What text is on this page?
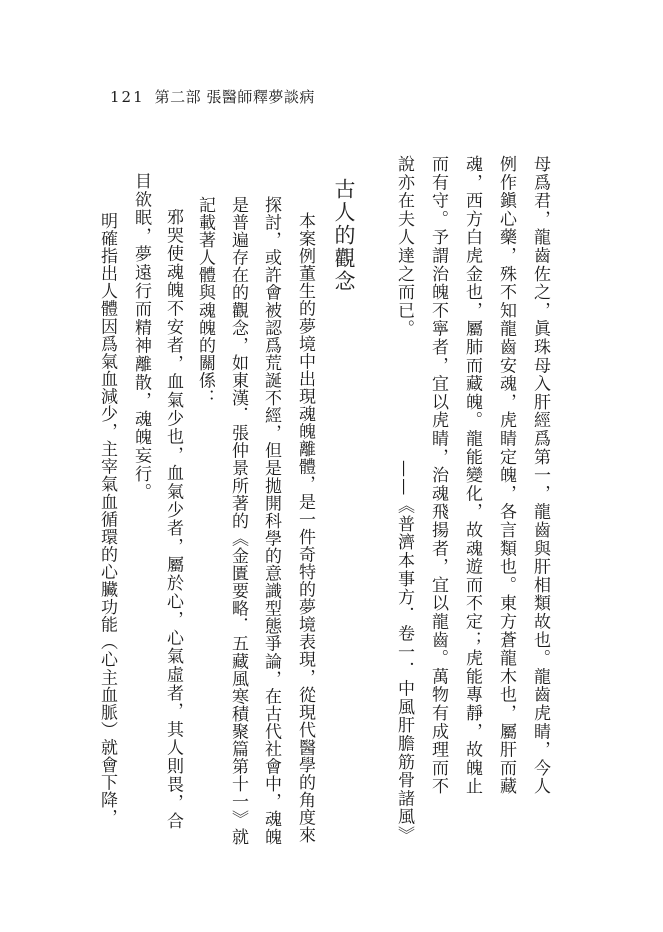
121 第二部 張醫師釋夢談病
母爲君，龍齒佐之，眞珠母入肝經爲第一，龍齒與肝相類故也。龍齒虎睛，今人
例作鎭心藥，殊不知龍齒安魂，虎睛定魄，各言類也。東方蒼龍木也，屬肝而藏
魂，西方白虎金也，屬肺而藏魄。龍能變化，故魂遊而不定；虎能專靜，故魄止
而有守。予謂治魄不寧者，宜以虎睛，治魂飛揚者，宜以龍齒。萬物有成理而不
說亦在夫人達之而已。
——《普濟本事方．卷一．中風肝膽筋骨諸風》
古人的觀念
本案例董生的夢境中出現魂魄離體，是一件奇特的夢境表現，從現代醫學的角度來
探討，或許會被認爲荒誕不經，但是拋開科學的意識型態爭論，在古代社會中，魂魄
是普遍存在的觀念，如東漢．張仲景所著的《金匱要略．五藏風寒積聚篇第十一》就
記載著人體與魂魄的關係：
邪哭使魂魄不安者，血氣少也，血氣少者，屬於心，心氣虛者，其人則畏，合
目欲眠，夢遠行而精神離散，魂魄妄行。
明確指出人體因爲氣血減少，主宰氣血循環的心臟功能（心主血脈）就會下降，
